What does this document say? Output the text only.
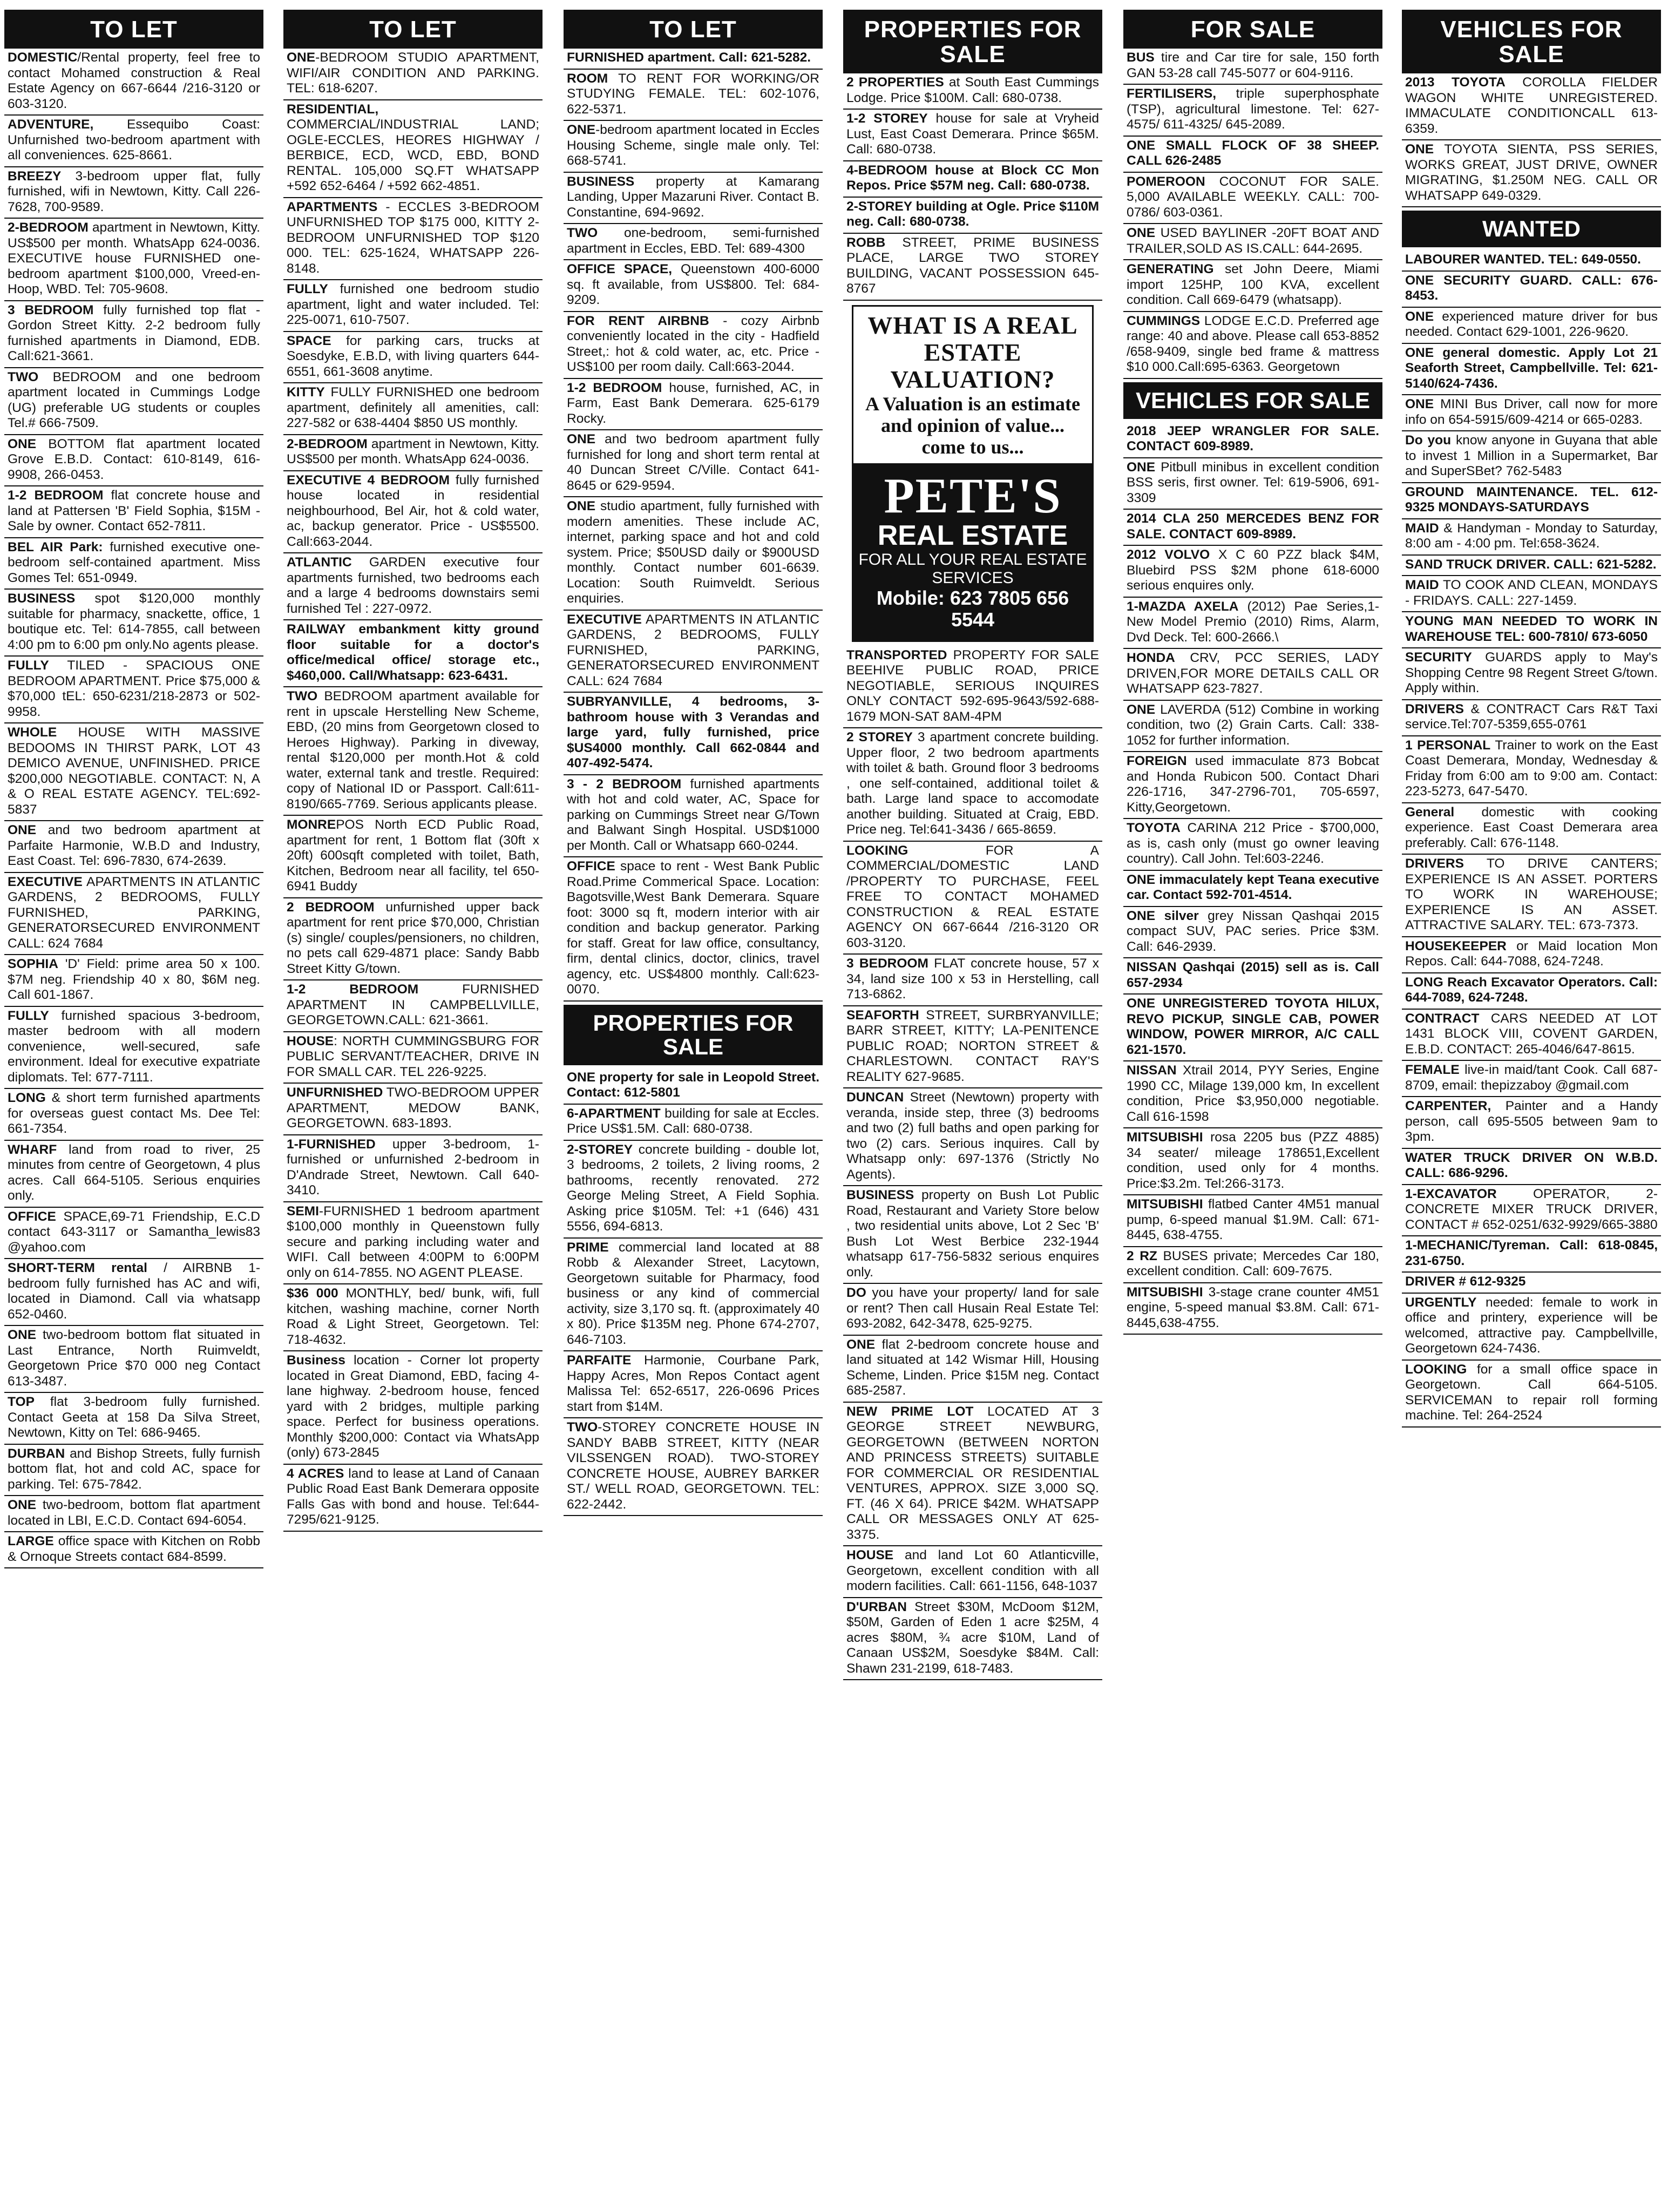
TO LET
DOMESTIC/Rental property, feel free to contact Mohamed construction & Real Estate Agency on 667-6644 /216-3120 or 603-3120.
ADVENTURE, Essequibo Coast: Unfurnished two-bedroom apartment with all conveniences. 625-8661.
BREEZY 3-bedroom upper flat, fully furnished, wifi in Newtown, Kitty. Call 226-7628, 700-9589.
2-BEDROOM apartment in Newtown, Kitty. US$500 per month. WhatsApp 624-0036. EXECUTIVE house FURNISHED one-bedroom apartment $100,000, Vreed-en-Hoop, WBD. Tel: 705-9608.
3 BEDROOM fully furnished top flat - Gordon Street Kitty. 2-2 bedroom fully furnished apartments in Diamond, EDB. Call:621-3661.
TWO BEDROOM and one bedroom apartment located in Cummings Lodge (UG) preferable UG students or couples Tel.# 666-7509.
ONE BOTTOM flat apartment located Grove E.B.D. Contact: 610-8149, 616-9908, 266-0453.
1-2 BEDROOM flat concrete house and land at Pattersen 'B' Field Sophia, $15M - Sale by owner. Contact 652-7811.
BEL AIR Park: furnished executive one-bedroom self-contained apartment. Miss Gomes Tel: 651-0949.
BUSINESS spot $120,000 monthly suitable for pharmacy, snackette, office, 1 boutique etc. Tel: 614-7855, call between 4:00 pm to 6:00 pm only.No agents please.
FULLY TILED - SPACIOUS ONE BEDROOM APARTMENT. Price $75,000 & $70,000 tEL: 650-6231/218-2873 or 502-9958.
WHOLE HOUSE WITH MASSIVE BEDOOMS IN THIRST PARK, LOT 43 DEMICO AVENUE, UNFINISHED. PRICE $200,000 NEGOTIABLE. CONTACT: N, A & O REAL ESTATE AGENCY. TEL:692-5837
ONE and two bedroom apartment at Parfaite Harmonie, W.B.D and Industry, East Coast. Tel: 696-7830, 674-2639.
EXECUTIVE APARTMENTS IN ATLANTIC GARDENS, 2 BEDROOMS, FULLY FURNISHED, PARKING, GENERATORSECURED ENVIRONMENT CALL: 624 7684
SOPHIA 'D' Field: prime area 50 x 100. $7M neg. Friendship 40 x 80, $6M neg. Call 601-1867.
FULLY furnished spacious 3-bedroom, master bedroom with all modern convenience, well-secured, safe environment. Ideal for executive expatriate diplomats. Tel: 677-7111.
LONG & short term furnished apartments for overseas guest contact Ms. Dee Tel: 661-7354.
WHARF land from road to river, 25 minutes from centre of Georgetown, 4 plus acres. Call 664-5105. Serious enquiries only.
OFFICE SPACE,69-71 Friendship, E.C.D contact 643-3117 or Samantha_lewis83 @yahoo.com
SHORT-TERM rental / AIRBNB 1-bedroom fully furnished has AC and wifi, located in Diamond. Call via whatsapp 652-0460.
ONE two-bedroom bottom flat situated in Last Entrance, North Ruimveldt, Georgetown Price $70 000 neg Contact 613-3487.
TOP flat 3-bedroom fully furnished. Contact Geeta at 158 Da Silva Street, Newtown, Kitty on Tel: 686-9465.
DURBAN and Bishop Streets, fully furnish bottom flat, hot and cold AC, space for parking. Tel: 675-7842.
ONE two-bedroom, bottom flat apartment located in LBI, E.C.D. Contact 694-6054.
LARGE office space with Kitchen on Robb & Ornoque Streets contact 684-8599.
TO LET
ONE-BEDROOM STUDIO APARTMENT, WIFI/AIR CONDITION AND PARKING. TEL: 618-6207.
RESIDENTIAL, COMMERCIAL/INDUSTRIAL LAND; OGLE-ECCLES, HEORES HIGHWAY / BERBICE, ECD, WCD, EBD, BOND RENTAL. 105,000 SQ.FT WHATSAPP +592 652-6464 / +592 662-4851.
APARTMENTS - ECCLES 3-BEDROOM UNFURNISHED TOP $175 000, KITTY 2-BEDROOM UNFURNISHED TOP $120 000. TEL: 625-1624, WHATSAPP 226-8148.
FULLY furnished one bedroom studio apartment, light and water included. Tel: 225-0071, 610-7507.
SPACE for parking cars, trucks at Soesdyke, E.B.D, with living quarters 644-6551, 661-3608 anytime.
KITTY FULLY FURNISHED one bedroom apartment, definitely all amenities, call: 227-582 or 638-4404 $850 US monthly.
2-BEDROOM apartment in Newtown, Kitty. US$500 per month. WhatsApp 624-0036.
EXECUTIVE 4 BEDROOM fully furnished house located in residential neighbourhood, Bel Air, hot & cold water, ac, backup generator. Price - US$5500. Call:663-2044.
ATLANTIC GARDEN executive four apartments furnished, two bedrooms each and a large 4 bedrooms downstairs semi furnished Tel : 227-0972.
RAILWAY embankment kitty ground floor suitable for a doctor's office/medical office/ storage etc., $460,000. Call/Whatsapp: 623-6431.
TWO BEDROOM apartment available for rent in upscale Herstelling New Scheme, EBD, (20 mins from Georgetown closed to Heroes Highway). Parking in diveway, rental $120,000 per month.Hot & cold water, external tank and trestle. Required: copy of National ID or Passport. Call:611-8190/665-7769. Serious applicants please.
MONREPOS North ECD Public Road, apartment for rent, 1 Bottom flat (30ft x 20ft) 600sqft completed with toilet, Bath, Kitchen, Bedroom near all facility, tel 650-6941 Buddy
2 BEDROOM unfurnished upper back apartment for rent price $70,000, Christian (s) single/ couples/pensioners, no children, no pets call 629-4871 place: Sandy Babb Street Kitty G/town.
1-2 BEDROOM FURNISHED APARTMENT IN CAMPBELLVILLE, GEORGETOWN.CALL: 621-3661.
HOUSE: NORTH CUMMINGSBURG FOR PUBLIC SERVANT/TEACHER, DRIVE IN FOR SMALL CAR. TEL 226-9225.
UNFURNISHED TWO-BEDROOM UPPER APARTMENT, MEDOW BANK, GEORGETOWN. 683-1893.
1-FURNISHED upper 3-bedroom, 1-furnished or unfurnished 2-bedroom in D'Andrade Street, Newtown. Call 640-3410.
SEMI-FURNISHED 1 bedroom apartment $100,000 monthly in Queenstown fully secure and parking including water and WIFI. Call between 4:00PM to 6:00PM only on 614-7855. NO AGENT PLEASE.
$36 000 MONTHLY, bed/ bunk, wifi, full kitchen, washing machine, corner North Road & Light Street, Georgetown. Tel: 718-4632.
Business location - Corner lot property located in Great Diamond, EBD, facing 4-lane highway. 2-bedroom house, fenced yard with 2 bridges, multiple parking space. Perfect for business operations. Monthly $200,000: Contact via WhatsApp (only) 673-2845
4 ACRES land to lease at Land of Canaan Public Road East Bank Demerara opposite Falls Gas with bond and house. Tel:644-7295/621-9125.
TO LET
FURNISHED apartment. Call: 621-5282.
ROOM TO RENT FOR WORKING/OR STUDYING FEMALE. TEL: 602-1076, 622-5371.
ONE-bedroom apartment located in Eccles Housing Scheme, single male only. Tel: 668-5741.
BUSINESS property at Kamarang Landing, Upper Mazaruni River. Contact B. Constantine, 694-9692.
TWO one-bedroom, semi-furnished apartment in Eccles, EBD. Tel: 689-4300
OFFICE SPACE, Queenstown 400-6000 sq. ft available, from US$800. Tel: 684-9209.
FOR RENT AIRBNB - cozy Airbnb conveniently located in the city - Hadfield Street,: hot & cold water, ac, etc. Price - US$100 per room daily. Call:663-2044.
1-2 BEDROOM house, furnished, AC, in Farm, East Bank Demerara. 625-6179 Rocky.
ONE and two bedroom apartment fully furnished for long and short term rental at 40 Duncan Street C/Ville. Contact 641-8645 or 629-9594.
ONE studio apartment, fully furnished with modern amenities. These include AC, internet, parking space and hot and cold system. Price; $50USD daily or $900USD monthly. Contact number 601-6639. Location: South Ruimveldt. Serious enquiries.
EXECUTIVE APARTMENTS IN ATLANTIC GARDENS, 2 BEDROOMS, FULLY FURNISHED, PARKING, GENERATORSECURED ENVIRONMENT CALL: 624 7684
SUBRYANVILLE, 4 bedrooms, 3-bathroom house with 3 Verandas and large yard, fully furnished, price $US4000 monthly. Call 662-0844 and 407-492-5474.
3 - 2 BEDROOM furnished apartments with hot and cold water, AC, Space for parking on Cummings Street near G/Town and Balwant Singh Hospital. USD$1000 per Month. Call or Whatsapp 660-0244.
OFFICE space to rent - West Bank Public Road.Prime Commerical Space. Location: Bagotsville,West Bank Demerara. Square foot: 3000 sq ft, modern interior with air condition and backup generator. Parking for staff. Great for law office, consultancy, firm, dental clinics, doctor, clinics, travel agency, etc. US$4800 monthly. Call:623-0070.
PROPERTIES FOR SALE
ONE property for sale in Leopold Street. Contact: 612-5801
6-APARTMENT building for sale at Eccles. Price US$1.5M. Call: 680-0738.
2-STOREY concrete building - double lot, 3 bedrooms, 2 toilets, 2 living rooms, 2 bathrooms, recently renovated. 272 George Meling Street, A Field Sophia. Asking price $105M. Tel: +1 (646) 431 5556, 694-6813.
PRIME commercial land located at 88 Robb & Alexander Street, Lacytown, Georgetown suitable for Pharmacy, food business or any kind of commercial activity, size 3,170 sq. ft. (approximately 40 x 80). Price $135M neg. Phone 674-2707, 646-7103.
PARFAITE Harmonie, Courbane Park, Happy Acres, Mon Repos Contact agent Malissa Tel: 652-6517, 226-0696 Prices start from $14M.
TWO-STOREY CONCRETE HOUSE IN SANDY BABB STREET, KITTY (NEAR VILSSENGEN ROAD). TWO-STOREY CONCRETE HOUSE, AUBREY BARKER ST./ WELL ROAD, GEORGETOWN. TEL: 622-2442.
PROPERTIES FOR SALE
2 PROPERTIES at South East Cummings Lodge. Price $100M. Call: 680-0738.
1-2 STOREY house for sale at Vryheid Lust, East Coast Demerara. Prince $65M. Call: 680-0738.
4-BEDROOM house at Block CC Mon Repos. Price $57M neg. Call: 680-0738.
2-STOREY building at Ogle. Price $110M neg. Call: 680-0738.
ROBB STREET, PRIME BUSINESS PLACE, LARGE TWO STOREY BUILDING, VACANT POSSESSION 645-8767
WHAT IS A REAL ESTATE VALUATION?
A Valuation is an estimate and opinion of value...
come to us...
PETE'S
REAL ESTATE
FOR ALL YOUR REAL ESTATE SERVICES
Mobile: 623 7805 656 5544
TRANSPORTED PROPERTY FOR SALE BEEHIVE PUBLIC ROAD, PRICE NEGOTIABLE, SERIOUS INQUIRES ONLY CONTACT 592-695-9643/592-688-1679 MON-SAT 8AM-4PM
2 STOREY 3 apartment concrete building. Upper floor, 2 two bedroom apartments with toilet & bath. Ground floor 3 bedrooms , one self-contained, additional toilet & bath. Large land space to accomodate another building. Situated at Craig, EBD. Price neg. Tel:641-3436 / 665-8659.
LOOKING FOR A COMMERCIAL/DOMESTIC LAND /PROPERTY TO PURCHASE, FEEL FREE TO CONTACT MOHAMED CONSTRUCTION & REAL ESTATE AGENCY ON 667-6644 /216-3120 OR 603-3120.
3 BEDROOM FLAT concrete house, 57 x 34, land size 100 x 53 in Herstelling, call 713-6862.
SEAFORTH STREET, SURBRYANVILLE; BARR STREET, KITTY; LA-PENITENCE PUBLIC ROAD; NORTON STREET & CHARLESTOWN. CONTACT RAY'S REALITY 627-9685.
DUNCAN Street (Newtown) property with veranda, inside step, three (3) bedrooms and two (2) full baths and open parking for two (2) cars. Serious inquires. Call by Whatsapp only: 697-1376 (Strictly No Agents).
BUSINESS property on Bush Lot Public Road, Restaurant and Variety Store below , two residential units above, Lot 2 Sec 'B' Bush Lot West Berbice 232-1944 whatsapp 617-756-5832 serious enquires only.
DO you have your property/ land for sale or rent? Then call Husain Real Estate Tel: 693-2082, 642-3478, 625-9275.
ONE flat 2-bedroom concrete house and land situated at 142 Wismar Hill, Housing Scheme, Linden. Price $15M neg. Contact 685-2587.
NEW PRIME LOT LOCATED AT 3 GEORGE STREET NEWBURG, GEORGETOWN (BETWEEN NORTON AND PRINCESS STREETS) SUITABLE FOR COMMERCIAL OR RESIDENTIAL VENTURES, APPROX. SIZE 3,000 SQ. FT. (46 X 64). PRICE $42M. WHATSAPP CALL OR MESSAGES ONLY AT 625-3375.
HOUSE and land Lot 60 Atlanticville, Georgetown, excellent condition with all modern facilities. Call: 661-1156, 648-1037
D'URBAN Street $30M, McDoom $12M, $50M, Garden of Eden 1 acre $25M, 4 acres $80M, ¾ acre $10M, Land of Canaan US$2M, Soesdyke $84M. Call: Shawn 231-2199, 618-7483.
FOR SALE
BUS tire and Car tire for sale, 150 forth GAN 53-28 call 745-5077 or 604-9116.
FERTILISERS, triple superphosphate (TSP), agricultural limestone. Tel: 627-4575/ 611-4325/ 645-2089.
ONE SMALL FLOCK OF 38 SHEEP. CALL 626-2485
POMEROON COCONUT FOR SALE. 5,000 AVAILABLE WEEKLY. CALL: 700-0786/ 603-0361.
ONE USED BAYLINER -20FT BOAT AND TRAILER,SOLD AS IS.CALL: 644-2695.
GENERATING set John Deere, Miami import 125HP, 100 KVA, excellent condition. Call 669-6479 (whatsapp).
CUMMINGS LODGE E.C.D. Preferred age range: 40 and above. Please call 653-8852 /658-9409, single bed frame & mattress $10 000.Call:695-6363. Georgetown
VEHICLES FOR SALE
2018 JEEP WRANGLER FOR SALE. CONTACT 609-8989.
ONE Pitbull minibus in excellent condition BSS seris, first owner. Tel: 619-5906, 691-3309
2014 CLA 250 MERCEDES BENZ FOR SALE. CONTACT 609-8989.
2012 VOLVO X C 60 PZZ black $4M, Bluebird PSS $2M phone 618-6000 serious enquires only.
1-MAZDA AXELA (2012) Pae Series,1- New Model Premio (2010) Rims, Alarm, Dvd Deck. Tel: 600-2666.\
HONDA CRV, PCC SERIES, LADY DRIVEN,FOR MORE DETAILS CALL OR WHATSAPP 623-7827.
ONE LAVERDA (512) Combine in working condition, two (2) Grain Carts. Call: 338-1052 for further information.
FOREIGN used immaculate 873 Bobcat and Honda Rubicon 500. Contact Dhari 226-1716, 347-2796-701, 705-6597, Kitty,Georgetown.
TOYOTA CARINA 212 Price - $700,000, as is, cash only (must go owner leaving country). Call John. Tel:603-2246.
ONE immaculately kept Teana executive car. Contact 592-701-4514.
ONE silver grey Nissan Qashqai 2015 compact SUV, PAC series. Price $3M. Call: 646-2939.
NISSAN Qashqai (2015) sell as is. Call 657-2934
ONE UNREGISTERED TOYOTA HILUX, REVO PICKUP, SINGLE CAB, POWER WINDOW, POWER MIRROR, A/C CALL 621-1570.
NISSAN Xtrail 2014, PYY Series, Engine 1990 CC, Milage 139,000 km, In excellent condition, Price $3,950,000 negotiable. Call 616-1598
MITSUBISHI rosa 2205 bus (PZZ 4885) 34 seater/ mileage 178651,Excellent condition, used only for 4 months. Price:$3.2m. Tel:266-3173.
MITSUBISHI flatbed Canter 4M51 manual pump, 6-speed manual $1.9M. Call: 671-8445, 638-4755.
2 RZ BUSES private; Mercedes Car 180, excellent condition. Call: 609-7675.
MITSUBISHI 3-stage crane counter 4M51 engine, 5-speed manual $3.8M. Call: 671-8445,638-4755.
VEHICLES FOR SALE
2013 TOYOTA COROLLA FIELDER WAGON WHITE UNREGISTERED. IMMACULATE CONDITIONCALL 613-6359.
ONE TOYOTA SIENTA, PSS SERIES, WORKS GREAT, JUST DRIVE, OWNER MIGRATING, $1.250M NEG. CALL OR WHATSAPP 649-0329.
WANTED
LABOURER WANTED. TEL: 649-0550.
ONE SECURITY GUARD. CALL: 676-8453.
ONE experienced mature driver for bus needed. Contact 629-1001, 226-9620.
ONE general domestic. Apply Lot 21 Seaforth Street, Campbellville. Tel: 621-5140/624-7436.
ONE MINI Bus Driver, call now for more info on 654-5915/609-4214 or 665-0283.
Do you know anyone in Guyana that able to invest 1 Million in a Supermarket, Bar and SuperSBet? 762-5483
GROUND MAINTENANCE. TEL. 612-9325 MONDAYS-SATURDAYS
MAID & Handyman - Monday to Saturday, 8:00 am - 4:00 pm. Tel:658-3624.
SAND TRUCK DRIVER. CALL: 621-5282.
MAID TO COOK AND CLEAN, MONDAYS - FRIDAYS. CALL: 227-1459.
YOUNG MAN NEEDED TO WORK IN WAREHOUSE TEL: 600-7810/ 673-6050
SECURITY GUARDS apply to May's Shopping Centre 98 Regent Street G/town. Apply within.
DRIVERS & CONTRACT Cars R&T Taxi service.Tel:707-5359,655-0761
1 PERSONAL Trainer to work on the East Coast Demerara, Monday, Wednesday & Friday from 6:00 am to 9:00 am. Contact: 223-5273, 647-5470.
General domestic with cooking experience. East Coast Demerara area preferably. Call: 676-1148.
DRIVERS TO DRIVE CANTERS; EXPERIENCE IS AN ASSET. PORTERS TO WORK IN WAREHOUSE; EXPERIENCE IS AN ASSET. ATTRACTIVE SALARY. TEL: 673-7373.
HOUSEKEEPER or Maid location Mon Repos. Call: 644-7088, 624-7248.
LONG Reach Excavator Operators. Call: 644-7089, 624-7248.
CONTRACT CARS NEEDED AT LOT 1431 BLOCK VIII, COVENT GARDEN, E.B.D. CONTACT: 265-4046/647-8615.
FEMALE live-in maid/tant Cook. Call 687-8709, email: thepizzaboy @gmail.com
CARPENTER, Painter and a Handy person, call 695-5505 between 9am to 3pm.
WATER TRUCK DRIVER ON W.B.D. CALL: 686-9296.
1-EXCAVATOR OPERATOR, 2- CONCRETE MIXER TRUCK DRIVER, CONTACT # 652-0251/632-9929/665-3880
1-MECHANIC/Tyreman. Call: 618-0845, 231-6750.
DRIVER # 612-9325
URGENTLY needed: female to work in office and printery, experience will be welcomed, attractive pay. Campbellville, Georgetown 624-7436.
LOOKING for a small office space in Georgetown. Call 664-5105. SERVICEMAN to repair roll forming machine. Tel: 264-2524
